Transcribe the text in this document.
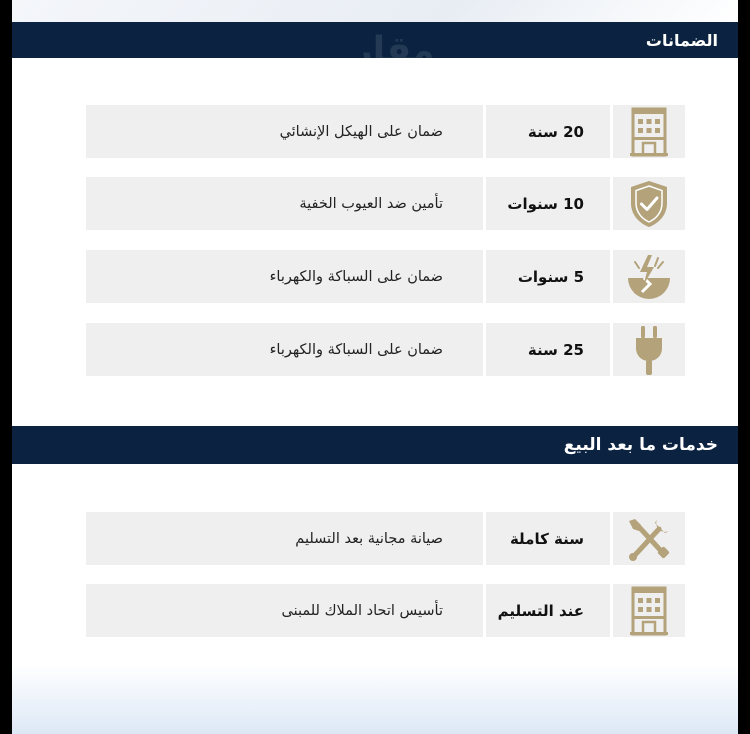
الضمانات
مقار
20 سنة
ضمان على الهيكل الإنشائي
10 سنوات
تأمين ضد العيوب الخفية
5 سنوات
ضمان على السباكة والكهرباء
25 سنة
ضمان على السباكة والكهرباء
خدمات ما بعد البيع
سنة كاملة
صيانة مجانية بعد التسليم
عند التسليم
تأسيس اتحاد الملاك للمبنى
